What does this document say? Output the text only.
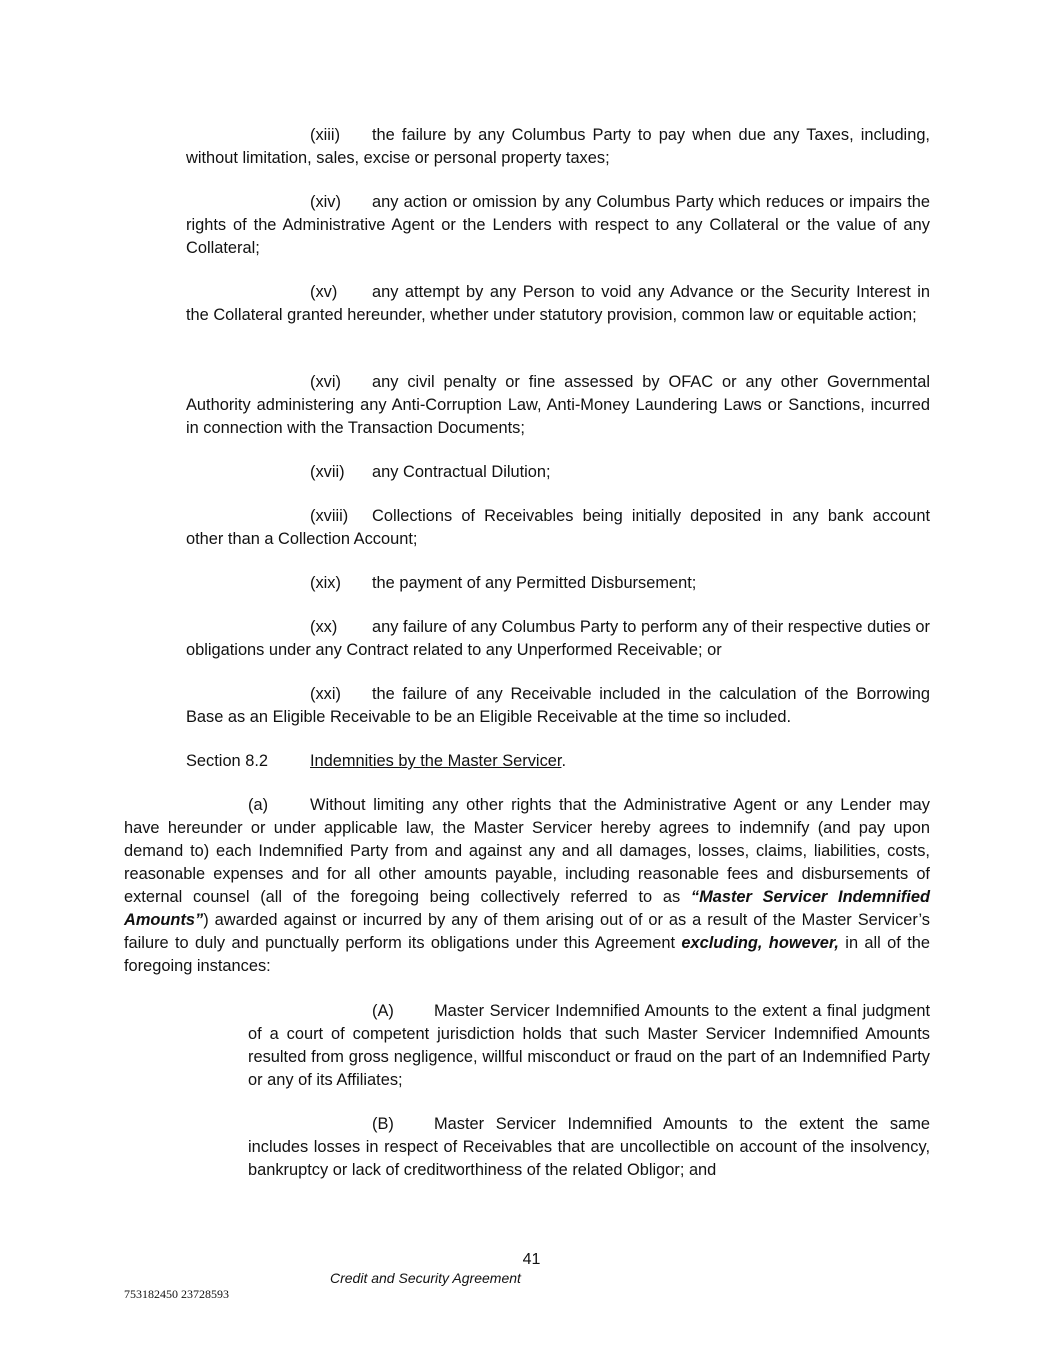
(xiii) the failure by any Columbus Party to pay when due any Taxes, including, without limitation, sales, excise or personal property taxes;

(xiv) any action or omission by any Columbus Party which reduces or impairs the rights of the Administrative Agent or the Lenders with respect to any Collateral or the value of any Collateral;

(xv) any attempt by any Person to void any Advance or the Security Interest in the Collateral granted hereunder, whether under statutory provision, common law or equitable action;

(xvi) any civil penalty or fine assessed by OFAC or any other Governmental Authority administering any Anti-Corruption Law, Anti-Money Laundering Laws or Sanctions, incurred in connection with the Transaction Documents;

(xvii) any Contractual Dilution;

(xviii) Collections of Receivables being initially deposited in any bank account other than a Collection Account;

(xix) the payment of any Permitted Disbursement;

(xx) any failure of any Columbus Party to perform any of their respective duties or obligations under any Contract related to any Unperformed Receivable; or

(xxi) the failure of any Receivable included in the calculation of the Borrowing Base as an Eligible Receivable to be an Eligible Receivable at the time so included.

Section 8.2	Indemnities by the Master Servicer.

(a)	Without limiting any other rights that the Administrative Agent or any Lender may have hereunder or under applicable law, the Master Servicer hereby agrees to indemnify (and pay upon demand to) each Indemnified Party from and against any and all damages, losses, claims, liabilities, costs, reasonable expenses and for all other amounts payable, including reasonable fees and disbursements of external counsel (all of the foregoing being collectively referred to as “Master Servicer Indemnified Amounts”) awarded against or incurred by any of them arising out of or as a result of the Master Servicer’s failure to duly and punctually perform its obligations under this Agreement excluding, however, in all of the foregoing instances:

(A) Master Servicer Indemnified Amounts to the extent a final judgment of a court of competent jurisdiction holds that such Master Servicer Indemnified Amounts resulted from gross negligence, willful misconduct or fraud on the part of an Indemnified Party or any of its Affiliates;

(B) Master Servicer Indemnified Amounts to the extent the same includes losses in respect of Receivables that are uncollectible on account of the insolvency, bankruptcy or lack of creditworthiness of the related Obligor; and

41
Credit and Security Agreement
753182450 23728593
